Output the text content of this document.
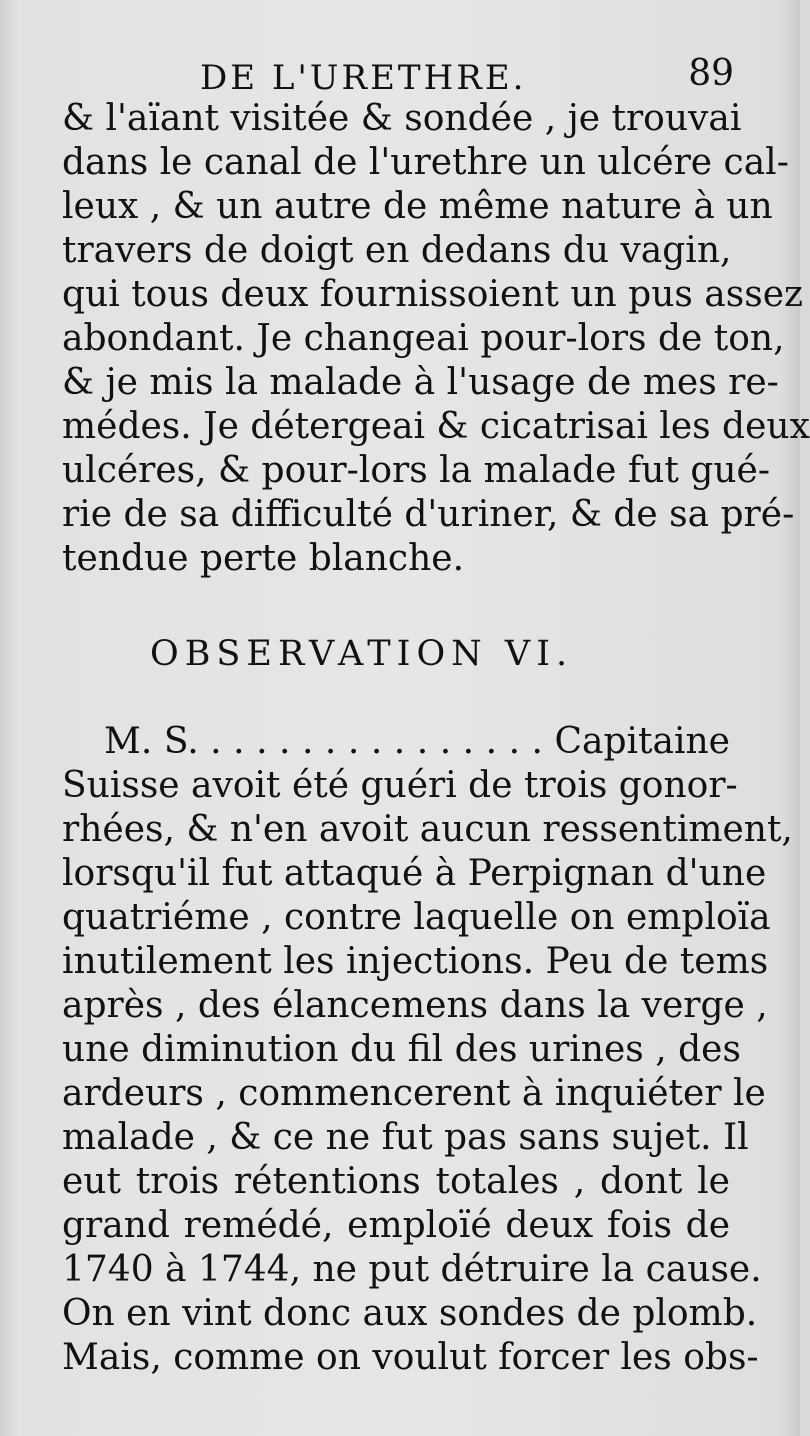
DE L'URETHRE.	89
& l'aïant visitée & sondée , je trouvai
dans le canal de l'urethre un ulcére cal-
leux , & un autre de même nature à un
travers de doigt en dedans du vagin,
qui tous deux fournissoient un pus assez
abondant. Je changeai pour-lors de ton,
& je mis la malade à l'usage de mes re-
médes. Je détergeai & cicatrisai les deux
ulcéres, & pour-lors la malade fut gué-
rie de sa difficulté d'uriner, & de sa pré-
tendue perte blanche.
OBSERVATION VI.
M. S. . . . . . . . . . . . . . . . Capitaine
Suisse avoit été guéri de trois gonor-
rhées, & n'en avoit aucun ressentiment,
lorsqu'il fut attaqué à Perpignan d'une
quatriéme , contre laquelle on emploïa
inutilement les injections. Peu de tems
après , des élancemens dans la verge ,
une diminution du fil des urines , des
ardeurs , commencerent à inquiéter le
malade , & ce ne fut pas sans sujet. Il
eut trois rétentions totales , dont le
grand remédé, emploïé deux fois de
1740 à 1744, ne put détruire la cause.
On en vint donc aux sondes de plomb.
Mais, comme on voulut forcer les obs-
